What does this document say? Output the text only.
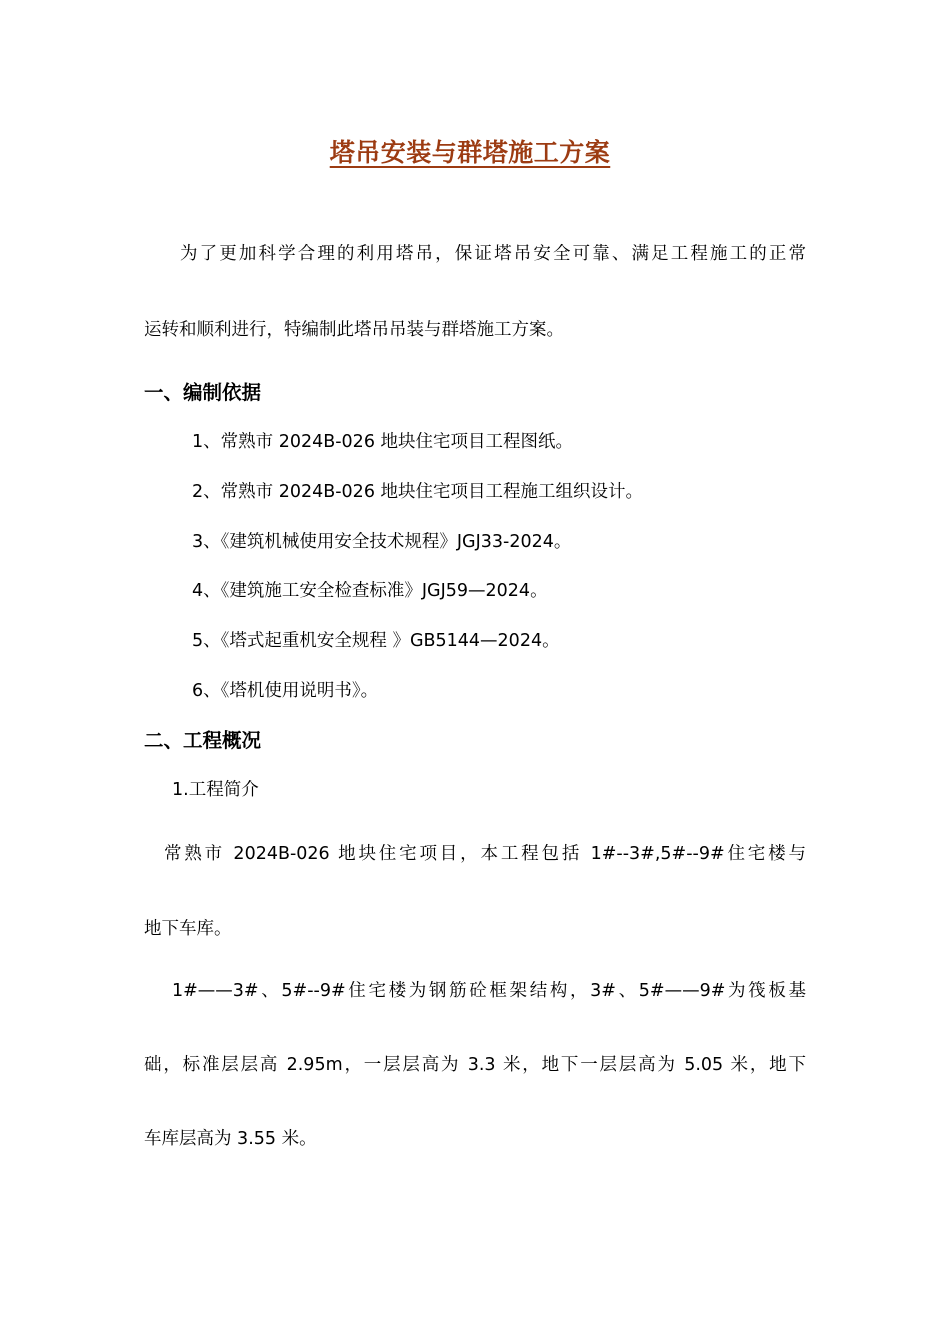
塔吊安装与群塔施工方案
为了更加科学合理的利用塔吊，保证塔吊安全可靠、满足工程施工的正常
运转和顺利进行，特编制此塔吊吊装与群塔施工方案。
一、编制依据
1、常熟市 2024B-026 地块住宅项目工程图纸。
2、常熟市 2024B-026 地块住宅项目工程施工组织设计。
3、《建筑机械使用安全技术规程》JGJ33-2024。
4、《建筑施工安全检查标准》JGJ59—2024。
5、《塔式起重机安全规程 》GB5144—2024。
6、《塔机使用说明书》。
二、工程概况
1.工程简介
常熟市 2024B-026 地块住宅项目，本工程包括 1#--3#,5#--9#住宅楼与
地下车库。
1#——3#、5#--9#住宅楼为钢筋砼框架结构，3#、5#——9#为筏板基
础，标准层层高 2.95m，一层层高为 3.3 米，地下一层层高为 5.05 米，地下
车库层高为 3.55 米。
